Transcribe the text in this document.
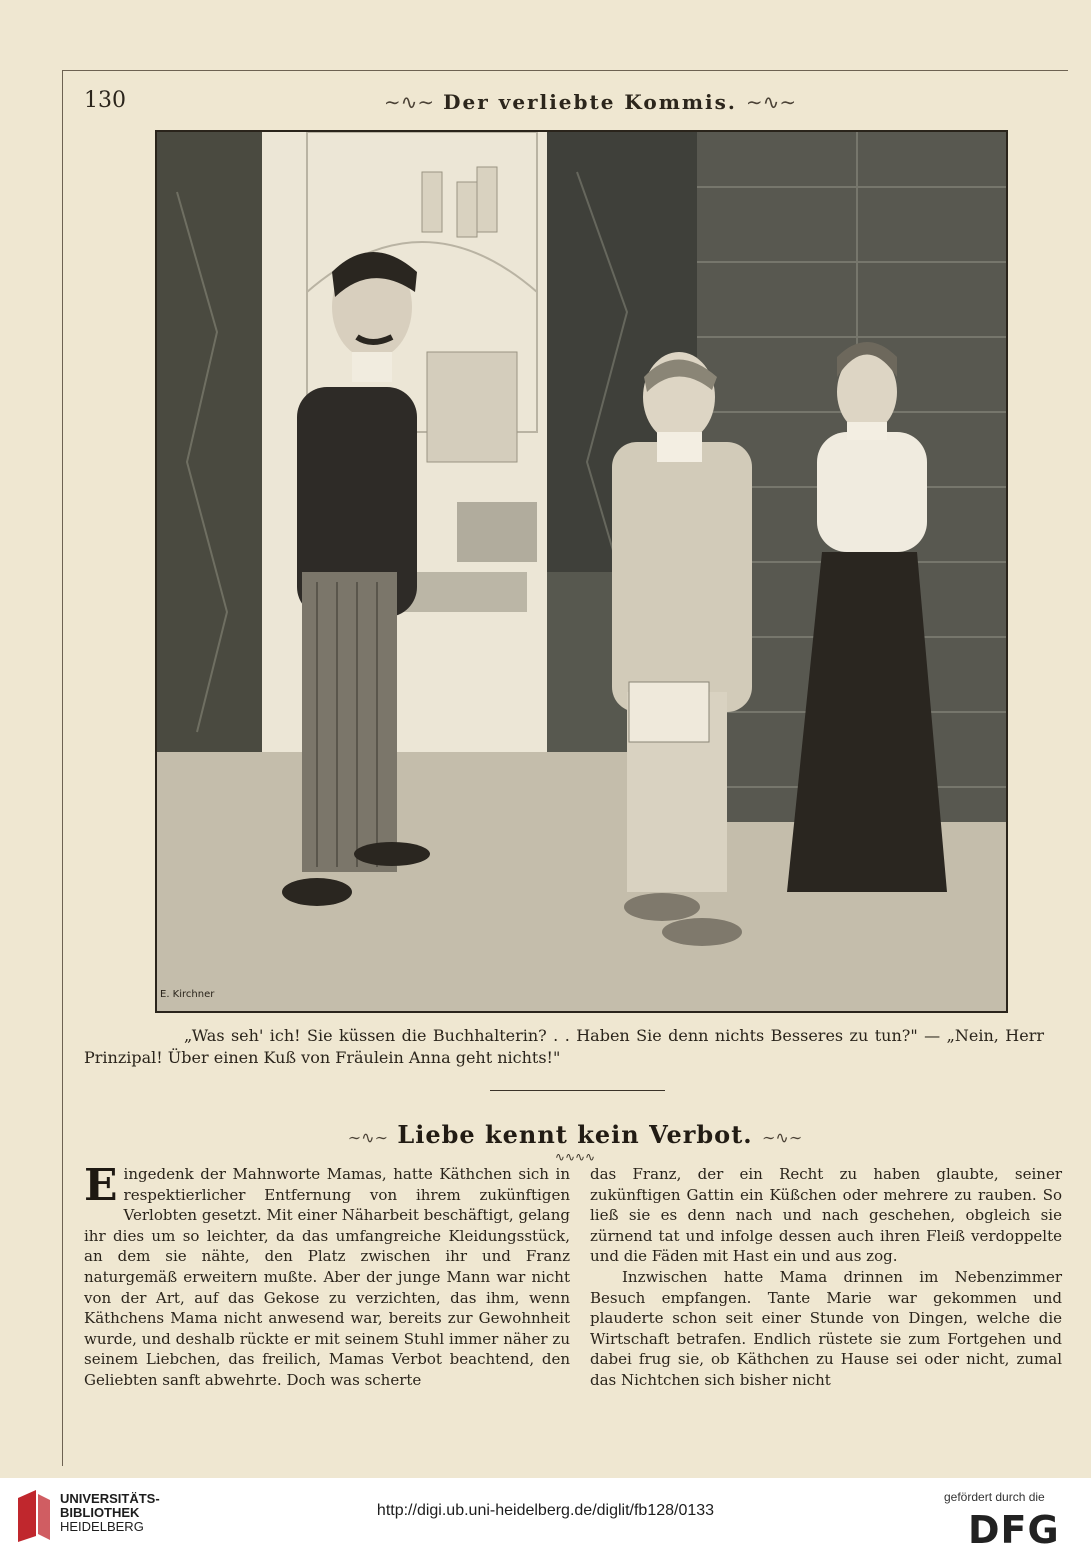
130	∼∿∼ Der verliebte Kommis. ∼∿∼
E. Kirchner
„Was seh' ich! Sie küssen die Buchhalterin? . . Haben Sie denn nichts Besseres zu tun?" — „Nein, Herr Prinzipal! Über einen Kuß von Fräulein Anna geht nichts!"
∼∿∼ Liebe kennt kein Verbot. ∼∿∼
∿∿∿∿

E ingedenk der Mahnworte Mamas, hatte Käthchen sich in respektierlicher Entfernung von ihrem zukünftigen Verlobten gesetzt. Mit einer Näharbeit beschäftigt, gelang ihr dies um so leichter, da das umfangreiche Kleidungsstück, an dem sie nähte, den Platz zwischen ihr und Franz naturgemäß erweitern mußte. Aber der junge Mann war nicht von der Art, auf das Gekose zu verzichten, das ihm, wenn Käthchens Mama nicht anwesend war, bereits zur Gewohnheit wurde, und deshalb rückte er mit seinem Stuhl immer näher zu seinem Liebchen, das freilich, Mamas Verbot beachtend, den Geliebten sanft abwehrte. Doch was scherte

das Franz, der ein Recht zu haben glaubte, seiner zukünftigen Gattin ein Küßchen oder mehrere zu rauben. So ließ sie es denn nach und nach geschehen, obgleich sie zürnend tat und infolge dessen auch ihren Fleiß verdoppelte und die Fäden mit Hast ein und aus zog.

Inzwischen hatte Mama drinnen im Nebenzimmer Besuch empfangen. Tante Marie war gekommen und plauderte schon seit einer Stunde von Dingen, welche die Wirtschaft betrafen. Endlich rüstete sie zum Fortgehen und dabei frug sie, ob Käthchen zu Hause sei oder nicht, zumal das Nichtchen sich bisher nicht

UNIVERSITÄTS-
BIBLIOTHEK
HEIDELBERG
http://digi.ub.uni-heidelberg.de/diglit/fb128/0133
gefördert durch die
DFG
